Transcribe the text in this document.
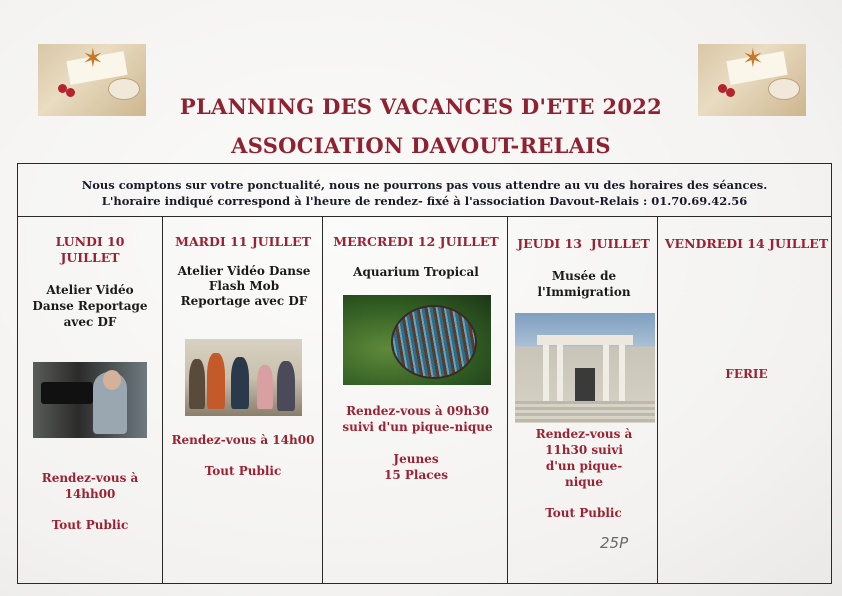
✶	✶
PLANNING DES VACANCES D'ETE 2022
ASSOCIATION DAVOUT-RELAIS
Nous comptons sur votre ponctualité, nous ne pourrons pas vous attendre au vu des horaires des séances.
L'horaire indiqué correspond à l'heure de rendez- fixé à l'association Davout-Relais : 01.70.69.42.56
LUNDI 10 JUILLET
Atelier Vidéo Danse Reportage avec DF
Rendez-vous à 14hh00
Tout Public
MARDI 11 JUILLET
Atelier Vidéo Danse Flash Mob Reportage avec DF
Rendez-vous à 14h00
Tout Public
MERCREDI 12 JUILLET
Aquarium Tropical
Rendez-vous à 09h30 suivi d'un pique-nique
Jeunes
15 Places
JEUDI 13  JUILLET
Musée de l'Immigration
Rendez-vous à 11h30 suivi d'un pique-nique
Tout Public
VENDREDI 14 JUILLET
FERIE
25P
